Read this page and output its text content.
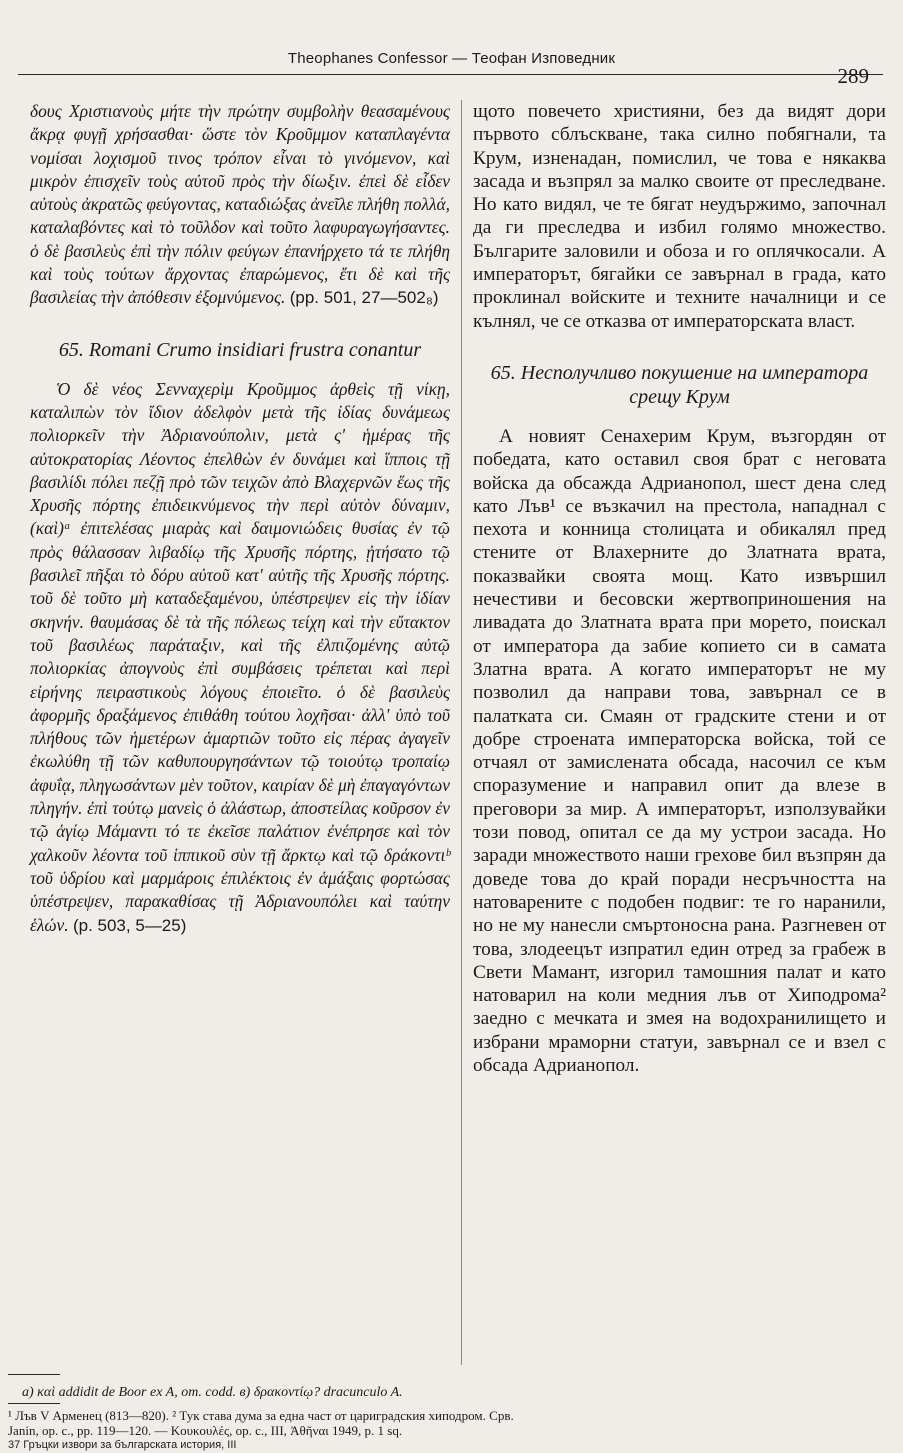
Theophanes Confessor — Теофан Изповедник
289

δους Χριστιανοὺς μήτε τὴν πρώτην συμβολὴν θεασαμένους ἄκρᾳ φυγῇ χρήσασθαι· ὥστε τὸν Κροῦμμον καταπλαγέντα νομίσαι λοχισμοῦ τινος τρόπον εἶναι τὸ γινόμενον, καὶ μικρὸν ἐπισχεῖν τοὺς αὐτοῦ πρὸς τὴν δίωξιν. ἐπεὶ δὲ εἶδεν αὐτοὺς ἀκρατῶς φεύγοντας, καταδιώξας ἀνεῖλε πλήθη πολλά, καταλαβόντες καὶ τὸ τοῦλδον καὶ τοῦτο λαφυραγωγήσαντες. ὁ δὲ βασιλεὺς ἐπὶ τὴν πόλιν φεύγων ἐπανήρχετο τά τε πλήθη καὶ τοὺς τούτων ἄρχοντας ἐπαρώμενος, ἔτι δὲ καὶ τῆς βασιλείας τὴν ἀπόθεσιν ἐξομνύμενος. (pp. 501, 27—502₈)

65. Romani Crumo insidiari frustra conantur

Ὁ δὲ νέος Σενναχερὶμ Κροῦμμος ἀρθεὶς τῇ νίκῃ, καταλιπὼν τὸν ἴδιον ἀδελφὸν μετὰ τῆς ἰδίας δυνάμεως πολιορκεῖν τὴν Ἀδριανούπολιν, μετὰ ς' ἡμέρας τῆς αὐτοκρατορίας Λέοντος ἐπελθὼν ἐν δυνάμει καὶ ἵπποις τῇ βασιλίδι πόλει πεζῇ πρὸ τῶν τειχῶν ἀπὸ Βλαχερνῶν ἕως τῆς Χρυσῆς πόρτης ἐπιδεικνύμενος τὴν περὶ αὐτὸν δύναμιν, (καὶ)ᵃ ἐπιτελέσας μιαρὰς καὶ δαιμονιώδεις θυσίας ἐν τῷ πρὸς θάλασσαν λιβαδίῳ τῆς Χρυσῆς πόρτης, ᾐτήσατο τῷ βασιλεῖ πῆξαι τὸ δόρυ αὐτοῦ κατ' αὐτῆς τῆς Χρυσῆς πόρτης. τοῦ δὲ τοῦτο μὴ καταδεξαμένου, ὑπέστρεψεν εἰς τὴν ἰδίαν σκηνήν. θαυμάσας δὲ τὰ τῆς πόλεως τείχη καὶ τὴν εὔτακτον τοῦ βασιλέως παράταξιν, καὶ τῆς ἐλπιζομένης αὐτῷ πολιορκίας ἀπογνοὺς ἐπὶ συμβάσεις τρέπεται καὶ περὶ εἰρήνης πειραστικοὺς λόγους ἐποιεῖτο. ὁ δὲ βασιλεὺς ἀφορμῆς δραξάμενος ἐπιθάθη τούτου λοχῆσαι· ἀλλ' ὑπὸ τοῦ πλήθους τῶν ἡμετέρων ἁμαρτιῶν τοῦτο εἰς πέρας ἀγαγεῖν ἐκωλύθη τῇ τῶν καθυπουργησάντων τῷ τοιούτῳ τροπαίῳ ἀφυΐᾳ, πληγωσάντων μὲν τοῦτον, καιρίαν δὲ μὴ ἐπαγαγόντων πληγήν. ἐπὶ τούτῳ μανεὶς ὁ ἀλάστωρ, ἀποστείλας κοῦρσον ἐν τῷ ἁγίῳ Μάμαντι τό τε ἐκεῖσε παλάτιον ἐνέπρησε καὶ τὸν χαλκοῦν λέοντα τοῦ ἱππικοῦ σὺν τῇ ἄρκτῳ καὶ τῷ δράκοντιᵇ τοῦ ὑδρίου καὶ μαρμάροις ἐπιλέκτοις ἐν ἁμάξαις φορτώσας ὑπέστρεψεν, παρακαθίσας τῇ Ἀδριανουπόλει καὶ ταύτην ἑλών. (p. 503, 5—25)

щото повечето християни, без да видят дори първото сблъскване, така силно побягнали, та Крум, изненадан, помислил, че това е някаква засада и възпрял за малко своите от преследване. Но като видял, че те бягат неудържимо, започнал да ги преследва и избил голямо множество. Българите заловили и обоза и го оплячкосали. А императорът, бягайки се завърнал в града, като проклинал войските и техните началници и се кълнял, че се отказва от императорската власт.

65. Несполучливо покушение на императора срещу Крум

А новият Сенахерим Крум, възгордян от победата, като оставил своя брат с неговата войска да обсажда Адрианопол, шест дена след като Лъв¹ се възкачил на престола, нападнал с пехота и конница столицата и обикалял пред стените от Влахерните до Златната врата, показвайки своята мощ. Като извършил нечестиви и бесовски жертвоприношения на ливадата до Златната врата при морето, поискал от императора да забие копието си в самата Златна врата. А когато императорът не му позволил да направи това, завърнал се в палатката си. Смаян от градските стени и от добре строената императорска войска, той се отчаял от замислената обсада, насочил се към споразумение и направил опит да влезе в преговори за мир. А императорът, използувайки този повод, опитал се да му устрои засада. Но заради множеството наши грехове бил възпрян да доведе това до край поради несръчността на натоварените с подобен подвиг: те го наранили, но не му нанесли смъртоносна рана. Разгневен от това, злодеецът изпратил един отред за грабеж в Свети Мамант, изгорил тамошния палат и като натоварил на коли медния лъв от Хиподрома² заедно с мечката и змея на водохранилището и избрани мраморни статуи, завърнал се и взел с обсада Адрианопол.

а) καὶ addidit de Boor ex A, om. codd. в) δρακοντίῳ? dracunculo A.

¹ Лъв V Арменец (813—820). ² Тук става дума за една част от цариградския хиподром. Срв.

Janin, op. c., pp. 119—120. — Κουκουλές, op. c., III, Ἀθῆναι 1949, p. 1 sq.

37 Гръцки извори за българската история, III
